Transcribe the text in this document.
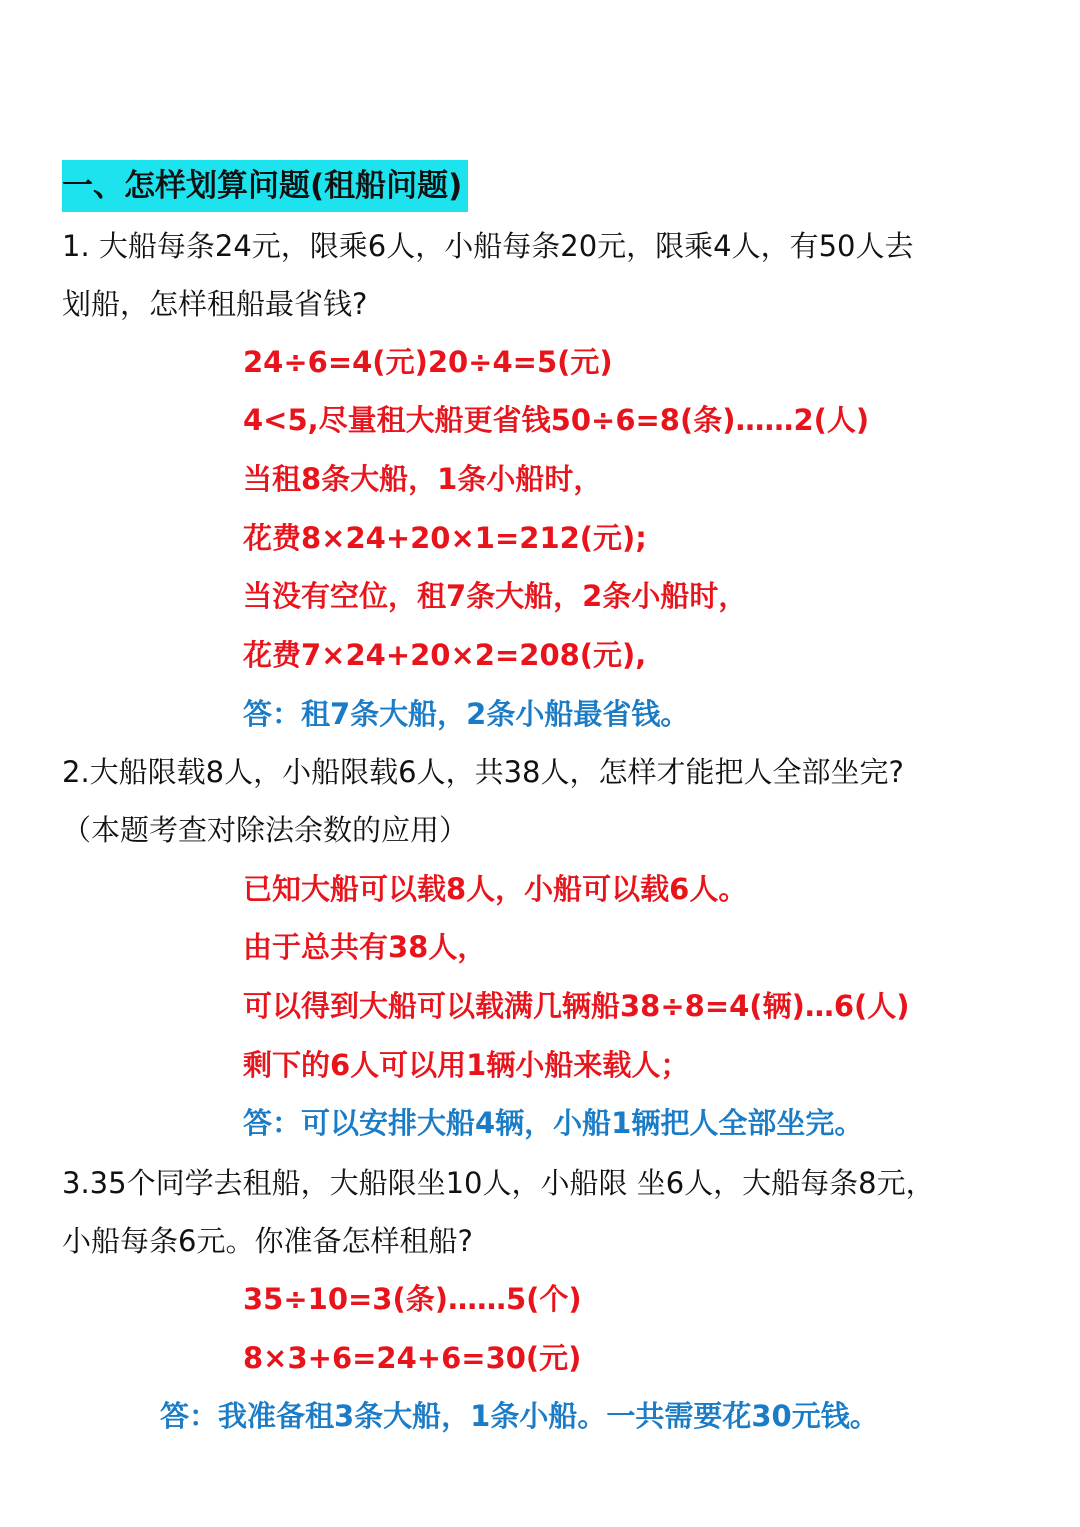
一、怎样划算问题(租船问题)
1. 大船每条24元，限乘6人，小船每条20元，限乘4人，有50人去
划船，怎样租船最省钱?
24÷6=4(元)20÷4=5(元)
4<5,尽量租大船更省钱50÷6=8(条)……2(人)
当租8条大船，1条小船时，
花费8×24+20×1=212(元);
当没有空位，租7条大船，2条小船时，
花费7×24+20×2=208(元),
答：租7条大船，2条小船最省钱。
2.大船限载8人，小船限载6人，共38人，怎样才能把人全部坐完?
（本题考查对除法余数的应用）
已知大船可以载8人，小船可以载6人。
由于总共有38人，
可以得到大船可以载满几辆船38÷8=4(辆)…6(人)
剩下的6人可以用1辆小船来载人；
答：可以安排大船4辆，小船1辆把人全部坐完。
3.35个同学去租船，大船限坐10人，小船限 坐6人，大船每条8元，
小船每条6元。你准备怎样租船?
35÷10=3(条)……5(个)
8×3+6=24+6=30(元)
答：我准备租3条大船，1条小船。一共需要花30元钱。
